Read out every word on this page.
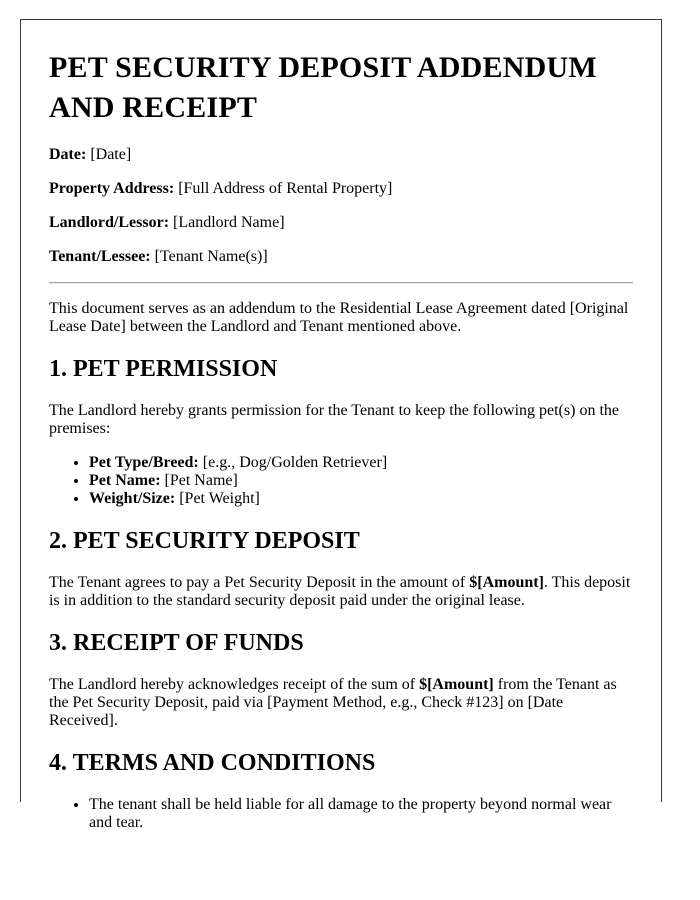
PET SECURITY DEPOSIT ADDENDUM AND RECEIPT

Date: [Date]

Property Address: [Full Address of Rental Property]

Landlord/Lessor: [Landlord Name]

Tenant/Lessee: [Tenant Name(s)]

This document serves as an addendum to the Residential Lease Agreement dated [Original Lease Date] between the Landlord and Tenant mentioned above.

1. PET PERMISSION

The Landlord hereby grants permission for the Tenant to keep the following pet(s) on the premises:

• Pet Type/Breed: [e.g., Dog/Golden Retriever]
• Pet Name: [Pet Name]
• Weight/Size: [Pet Weight]
2. PET SECURITY DEPOSIT

The Tenant agrees to pay a Pet Security Deposit in the amount of $[Amount]. This deposit is in addition to the standard security deposit paid under the original lease.

3. RECEIPT OF FUNDS

The Landlord hereby acknowledges receipt of the sum of $[Amount] from the Tenant as the Pet Security Deposit, paid via [Payment Method, e.g., Check #123] on [Date Received].

4. TERMS AND CONDITIONS
• The tenant shall be held liable for all damage to the property beyond normal wear and tear.
